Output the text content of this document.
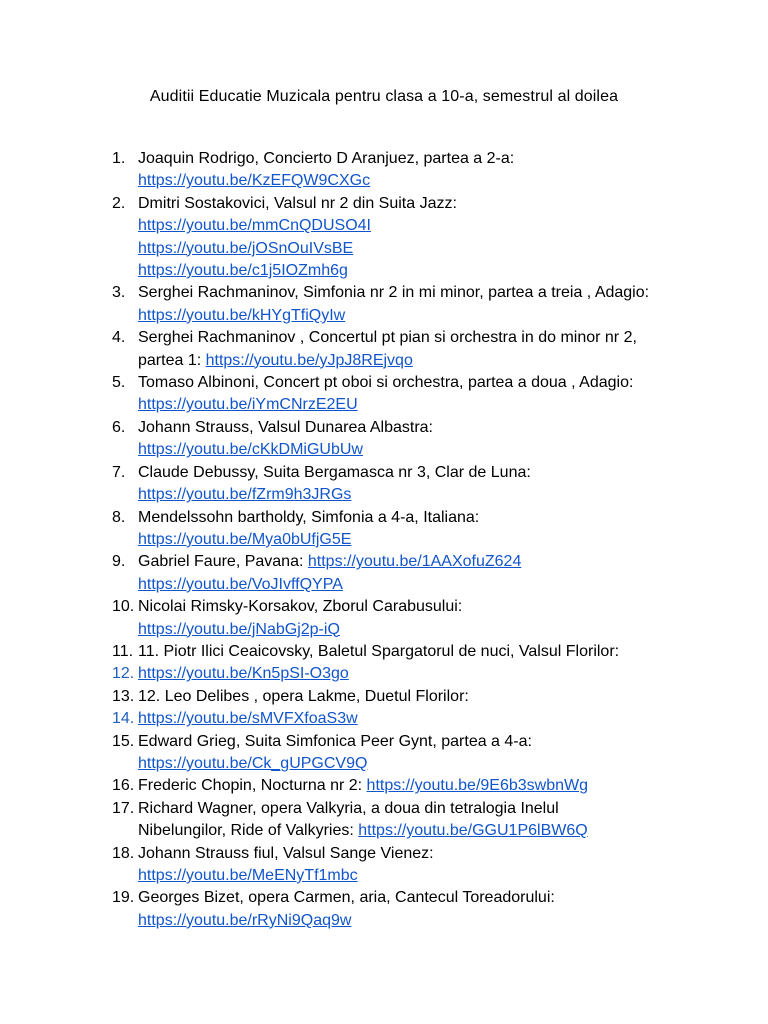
Auditii Educatie Muzicala pentru clasa a 10-a, semestrul al doilea
1. Joaquin Rodrigo, Concierto D Aranjuez, partea a 2-a:
https://youtu.be/KzEFQW9CXGc
2. Dmitri Sostakovici, Valsul nr 2 din Suita Jazz:
https://youtu.be/mmCnQDUSO4I
https://youtu.be/jOSnOuIVsBE
https://youtu.be/c1j5IOZmh6g
3. Serghei Rachmaninov, Simfonia nr 2 in mi minor, partea a treia , Adagio:
https://youtu.be/kHYgTfiQyIw
4. Serghei Rachmaninov , Concertul pt pian si orchestra in do minor nr 2,
partea 1: https://youtu.be/yJpJ8REjvqo
5. Tomaso Albinoni, Concert pt oboi si orchestra, partea a doua , Adagio:
https://youtu.be/iYmCNrzE2EU
6. Johann Strauss, Valsul Dunarea Albastra:
https://youtu.be/cKkDMiGUbUw
7. Claude Debussy, Suita Bergamasca nr 3, Clar de Luna:
https://youtu.be/fZrm9h3JRGs
8. Mendelssohn bartholdy, Simfonia a 4-a, Italiana:
https://youtu.be/Mya0bUfjG5E
9. Gabriel Faure, Pavana: https://youtu.be/1AAXofuZ624
https://youtu.be/VoJIvffQYPA
10. Nicolai Rimsky-Korsakov, Zborul Carabusului:
https://youtu.be/jNabGj2p-iQ
11. 11. Piotr Ilici Ceaicovsky, Baletul Spargatorul de nuci, Valsul Florilor:
12. https://youtu.be/Kn5pSI-O3go
13. 12. Leo Delibes , opera Lakme, Duetul Florilor:
14. https://youtu.be/sMVFXfoaS3w
15. Edward Grieg, Suita Simfonica Peer Gynt, partea a 4-a:
https://youtu.be/Ck_gUPGCV9Q
16. Frederic Chopin, Nocturna nr 2: https://youtu.be/9E6b3swbnWg
17. Richard Wagner, opera Valkyria, a doua din tetralogia Inelul
Nibelungilor, Ride of Valkyries: https://youtu.be/GGU1P6lBW6Q
18. Johann Strauss fiul, Valsul Sange Vienez:
https://youtu.be/MeENyTf1mbc
19. Georges Bizet, opera Carmen, aria, Cantecul Toreadorului:
https://youtu.be/rRyNi9Qaq9w
